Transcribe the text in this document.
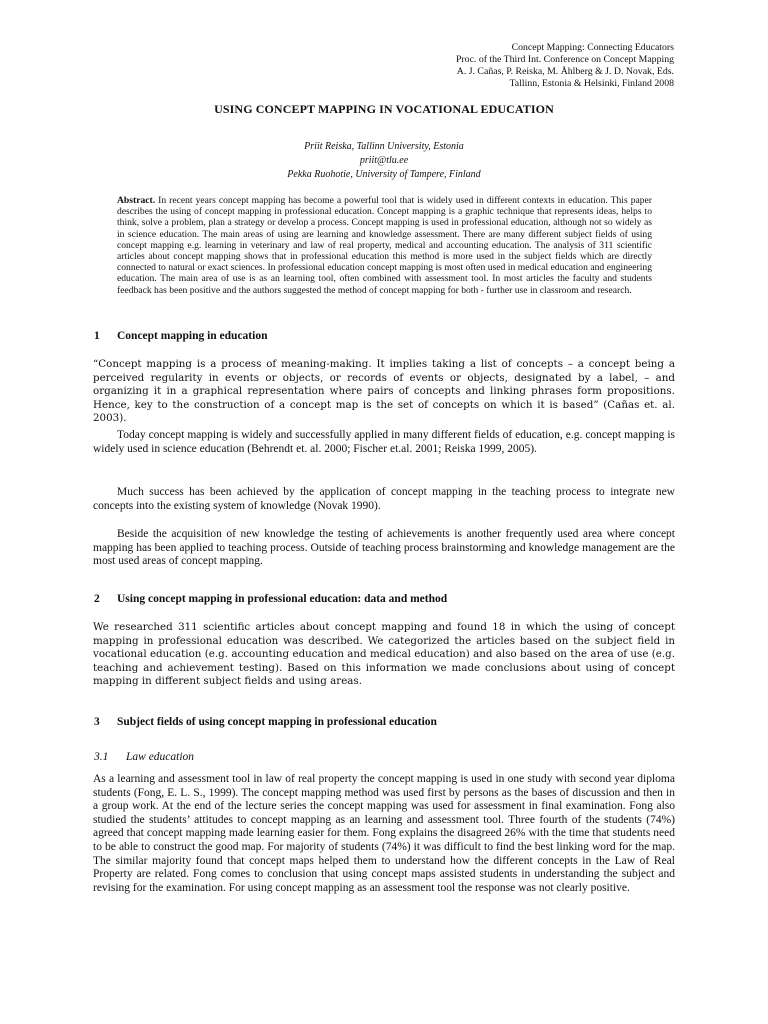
Concept Mapping: Connecting Educators
Proc. of the Third Int. Conference on Concept Mapping
A. J. Cañas, P. Reiska, M. Åhlberg & J. D. Novak, Eds.
Tallinn, Estonia & Helsinki, Finland 2008
USING CONCEPT MAPPING IN VOCATIONAL EDUCATION
Priit Reiska, Tallinn University, Estonia
priit@tlu.ee
Pekka Ruohotie, University of Tampere, Finland
Abstract. In recent years concept mapping has become a powerful tool that is widely used in different contexts in education. This paper describes the using of concept mapping in professional education. Concept mapping is a graphic technique that represents ideas, helps to think, solve a problem, plan a strategy or develop a process. Concept mapping is used in professional education, although not so widely as in science education. The main areas of using are learning and knowledge assessment. There are many different subject fields of using concept mapping e.g. learning in veterinary and law of real property, medical and accounting education. The analysis of 311 scientific articles about concept mapping shows that in professional education this method is more used in the subject fields which are directly connected to natural or exact sciences. In professional education concept mapping is most often used in medical education and engineering education. The main area of use is as an learning tool, often combined with assessment tool. In most articles the faculty and students feedback has been positive and the authors suggested the method of concept mapping for both - further use in classroom and research.
1 Concept mapping in education
“Concept mapping is a process of meaning-making. It implies taking a list of concepts – a concept being a perceived regularity in events or objects, or records of events or objects, designated by a label, – and organizing it in a graphical representation where pairs of concepts and linking phrases form propositions. Hence, key to the construction of a concept map is the set of concepts on which it is based” (Cañas et. al. 2003).
Today concept mapping is widely and successfully applied in many different fields of education, e.g. concept mapping is widely used in science education (Behrendt et. al. 2000; Fischer et.al. 2001; Reiska 1999, 2005).
Much success has been achieved by the application of concept mapping in the teaching process to integrate new concepts into the existing system of knowledge (Novak 1990).
Beside the acquisition of new knowledge the testing of achievements is another frequently used area where concept mapping has been applied to teaching process. Outside of teaching process brainstorming and knowledge management are the most used areas of concept mapping.
2 Using concept mapping in professional education: data and method
We researched 311 scientific articles about concept mapping and found 18 in which the using of concept mapping in professional education was described. We categorized the articles based on the subject field in vocational education (e.g. accounting education and medical education) and also based on the area of use (e.g. teaching and achievement testing). Based on this information we made conclusions about using of concept mapping in different subject fields and using areas.
3 Subject fields of using concept mapping in professional education
3.1 Law education
As a learning and assessment tool in law of real property the concept mapping is used in one study with second year diploma students (Fong, E. L. S., 1999). The concept mapping method was used first by persons as the bases of discussion and then in a group work. At the end of the lecture series the concept mapping was used for assessment in final examination. Fong also studied the students’ attitudes to concept mapping as an learning and assessment tool. Three fourth of the students (74%) agreed that concept mapping made learning easier for them. Fong explains the disagreed 26% with the time that students need to be able to construct the good map. For majority of students (74%) it was difficult to find the best linking word for the map. The similar majority found that concept maps helped them to understand how the different concepts in the Law of Real Property are related. Fong comes to conclusion that using concept maps assisted students in understanding the subject and revising for the examination. For using concept mapping as an assessment tool the response was not clearly positive.
